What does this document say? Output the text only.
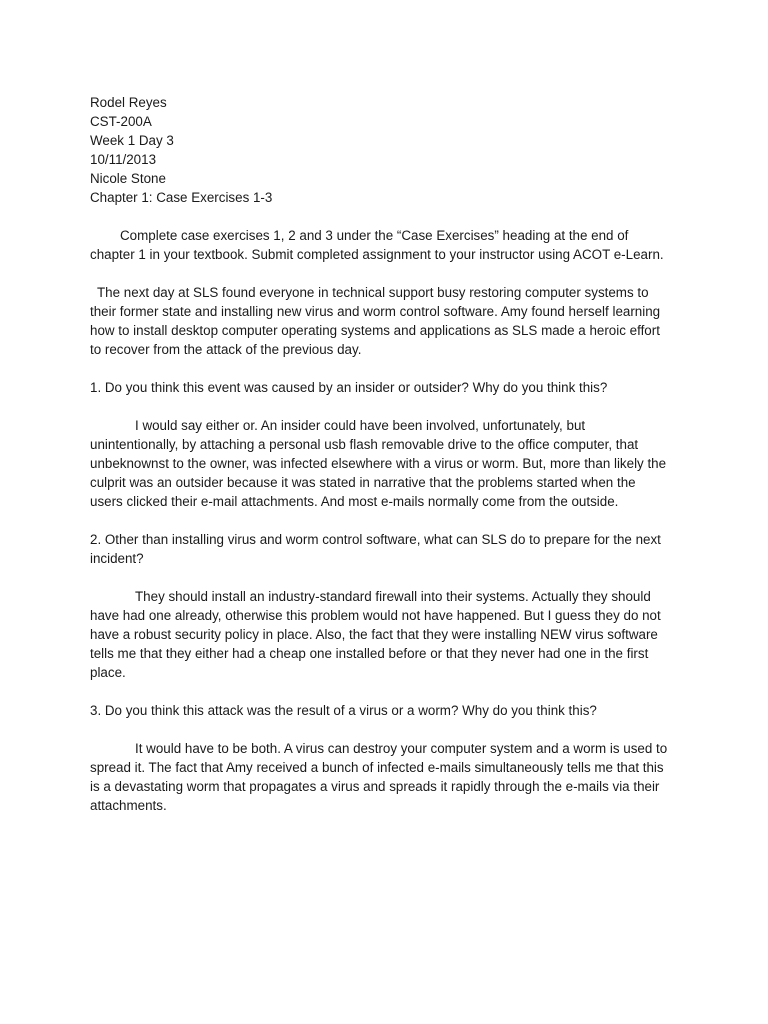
Rodel Reyes
CST-200A
Week 1 Day 3
10/11/2013
Nicole Stone

Chapter 1: Case Exercises 1-3

Complete case exercises 1, 2 and 3 under the “Case Exercises” heading at the end of chapter 1 in your textbook. Submit completed assignment to your instructor using ACOT e-Learn.

The next day at SLS found everyone in technical support busy restoring computer systems to their former state and installing new virus and worm control software. Amy found herself learning how to install desktop computer operating systems and applications as SLS made a heroic effort to recover from the attack of the previous day.

1. Do you think this event was caused by an insider or outsider? Why do you think this?

I would say either or. An insider could have been involved, unfortunately, but unintentionally, by attaching a personal usb flash removable drive to the office computer, that unbeknownst to the owner, was infected elsewhere with a virus or worm. But, more than likely the culprit was an outsider because it was stated in narrative that the problems started when the users clicked their e-mail attachments. And most e-mails normally come from the outside.

2. Other than installing virus and worm control software, what can SLS do to prepare for the next incident?

They should install an industry-standard firewall into their systems. Actually they should have had one already, otherwise this problem would not have happened. But I guess they do not have a robust security policy in place. Also, the fact that they were installing NEW virus software tells me that they either had a cheap one installed before or that they never had one in the first place.

3. Do you think this attack was the result of a virus or a worm? Why do you think this?

It would have to be both. A virus can destroy your computer system and a worm is used to spread it. The fact that Amy received a bunch of infected e-mails simultaneously tells me that this is a devastating worm that propagates a virus and spreads it rapidly through the e-mails via their attachments.
